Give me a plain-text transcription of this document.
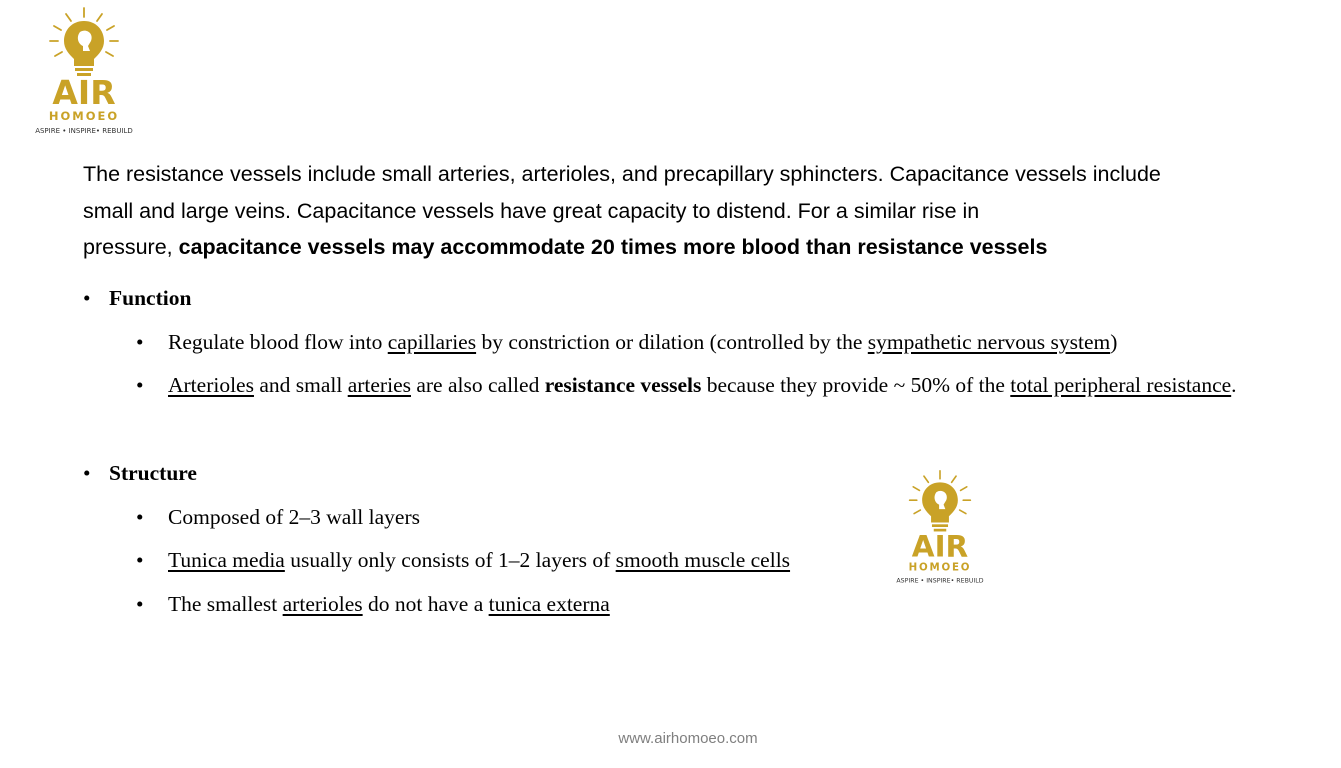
AIR
HOMOEO
ASPIRE • INSPIRE• REBUILD
The resistance vessels include small arteries, arterioles, and precapillary sphincters. Capacitance vessels include
small and large veins. Capacitance vessels have great capacity to distend. For a similar rise in
pressure, capacitance vessels may accommodate 20 times more blood than resistance vessels
• Function
• Regulate blood flow into capillaries by constriction or dilation (controlled by the sympathetic nervous system)
• Arterioles and small arteries are also called resistance vessels because they provide ~ 50% of the total peripheral resistance.
• Structure
• Composed of 2–3 wall layers
• Tunica media usually only consists of 1–2 layers of smooth muscle cells
• The smallest arterioles do not have a tunica externa
AIR
HOMOEO
ASPIRE • INSPIRE• REBUILD
www.airhomoeo.com
